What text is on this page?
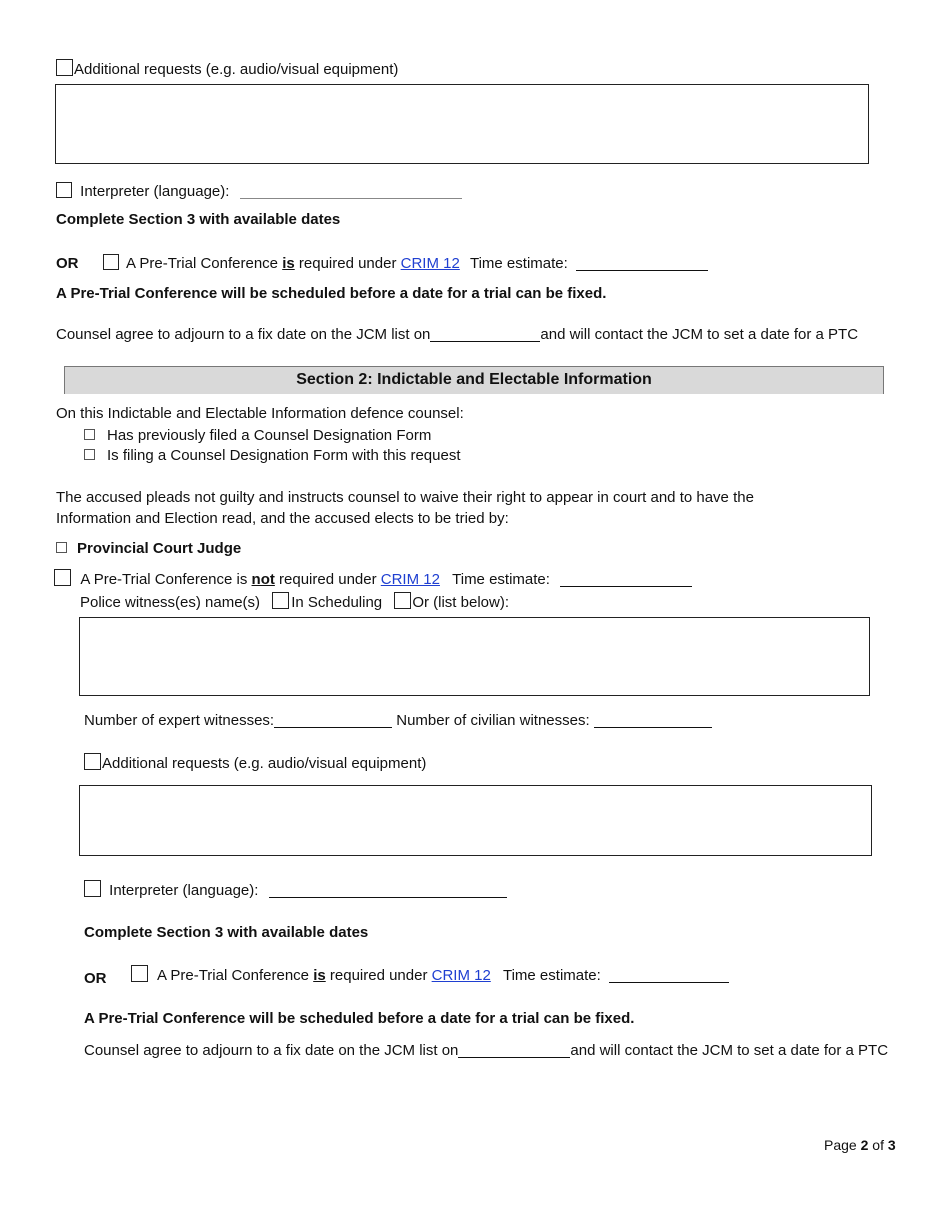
Additional requests (e.g. audio/visual equipment)
Interpreter (language):
Complete Section 3 with available dates
OR	A Pre-Trial Conference is required under CRIM 12 Time estimate:
A Pre-Trial Conference will be scheduled before a date for a trial can be fixed.
Counsel agree to adjourn to a fix date on the JCM list on	and will contact the JCM to set a date for a PTC
Section 2: Indictable and Electable Information
On this Indictable and Electable Information defence counsel:
Has previously filed a Counsel Designation Form
Is filing a Counsel Designation Form with this request
The accused pleads not guilty and instructs counsel to waive their right to appear in court and to have the
Information and Election read, and the accused elects to be tried by:
Provincial Court Judge
A Pre-Trial Conference is not required under CRIM 12 Time estimate:
Police witness(es) name(s) In Scheduling Or (list below):
Number of expert witnesses:	Number of civilian witnesses:
Additional requests (e.g. audio/visual equipment)
Interpreter (language):
Complete Section 3 with available dates
OR	A Pre-Trial Conference is required under CRIM 12 Time estimate:
A Pre-Trial Conference will be scheduled before a date for a trial can be fixed.
Counsel agree to adjourn to a fix date on the JCM list on	and will contact the JCM to set a date for a PTC
Page 2 of 3
